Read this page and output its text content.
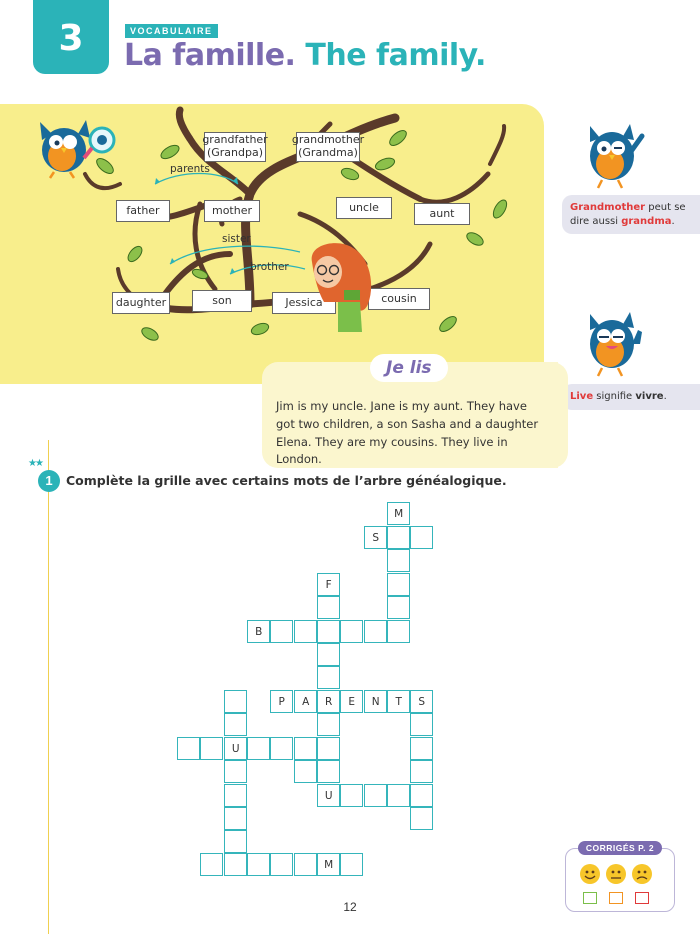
3	VOCABULAIRE
La famille. The family.
grandfather (Grandpa)
grandmother (Grandma)
father	mother	uncle	aunt
daughter	son	Jessica	cousin
parents
sister
brother
Grandmother peut se dire aussi grandma.
Live signifie vivre.
Je lis
Jim is my uncle. Jane is my aunt. They have got two children, a son Sasha and a daughter Elena. They are my cousins. They live in London.
★★
1	Complète la grille avec certains mots de l’arbre généalogique.
M
S
F
B
P	A	R	E	N	T	S
U
U
M
12
CORRIGÉS P. 2
